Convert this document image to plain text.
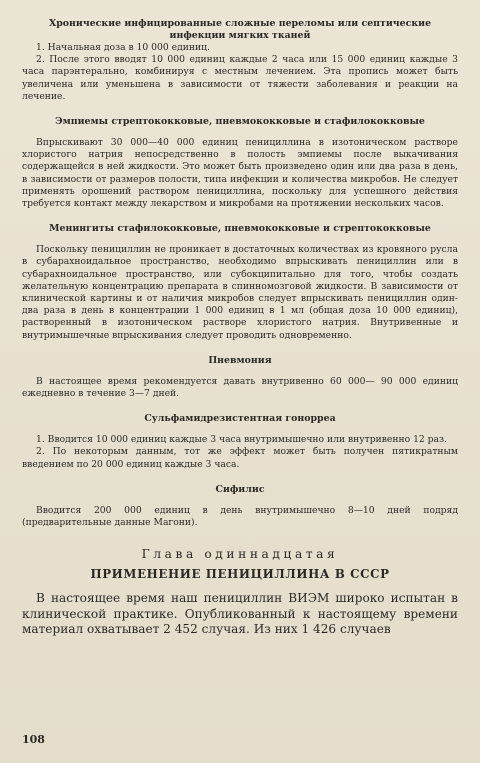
Хронические инфицированные сложные переломы или септические инфекции мягких тканей

1. Начальная доза в 10 000 единиц.

2. После этого вводят 10 000 единиц каждые 2 часа или 15 000 единиц каждые 3 часа парэнтерально, комбинируя с местным лечением. Эта пропись может быть увеличена или уменьшена в зависимости от тяжести заболевания и реакции на лечение.

Эмпиемы стрептококковые, пневмококковые и стафилококковые

Впрыскивают 30 000—40 000 единиц пенициллина в изотоническом растворе хлористого натрия непосредственно в полость эмпиемы после выкачивания содержащейся в ней жидкости. Это может быть произведено один или два раза в день, в зависимости от размеров полости, типа инфекции и количества микробов. Не следует применять орошений раствором пенициллина, поскольку для успешного действия требуется контакт между лекарством и микробами на протяжении нескольких часов.

Менингиты стафилококковые, пневмококковые и стрептококковые

Поскольку пенициллин не проникает в достаточных количествах из кровяного русла в субарахноидальное пространство, необходимо впрыскивать пенициллин или в субарахноидальное пространство, или субокципитально для того, чтобы создать желательную концентрацию препарата в спинномозговой жидкости. В зависимости от клинической картины и от наличия микробов следует впрыскивать пенициллин один-два раза в день в концентрации 1 000 единиц в 1 мл (общая доза 10 000 единиц), растворенный в изотоническом растворе хлористого натрия. Внутривенные и внутримышечные впрыскивания следует проводить одновременно.

Пневмония

В настоящее время рекомендуется давать внутривенно 60 000— 90 000 единиц ежедневно в течение 3—7 дней.

Сульфамидрезистентная гонорреа

1. Вводится 10 000 единиц каждые 3 часа внутримышечно или внутривенно 12 раз.

2. По некоторым данным, тот же эффект может быть получен пятикратным введением по 20 000 единиц каждые 3 часа.

Сифилис

Вводится 200 000 единиц в день внутримышечно 8—10 дней подряд (предварительные данные Магони).

Глава одиннадцатая
ПРИМЕНЕНИЕ ПЕНИЦИЛЛИНА В СССР

В настоящее время наш пенициллин ВИЭМ широко испытан в клинической практике. Опубликованный к настоящему времени материал охватывает 2 452 случая. Из них 1 426 случаев

108
